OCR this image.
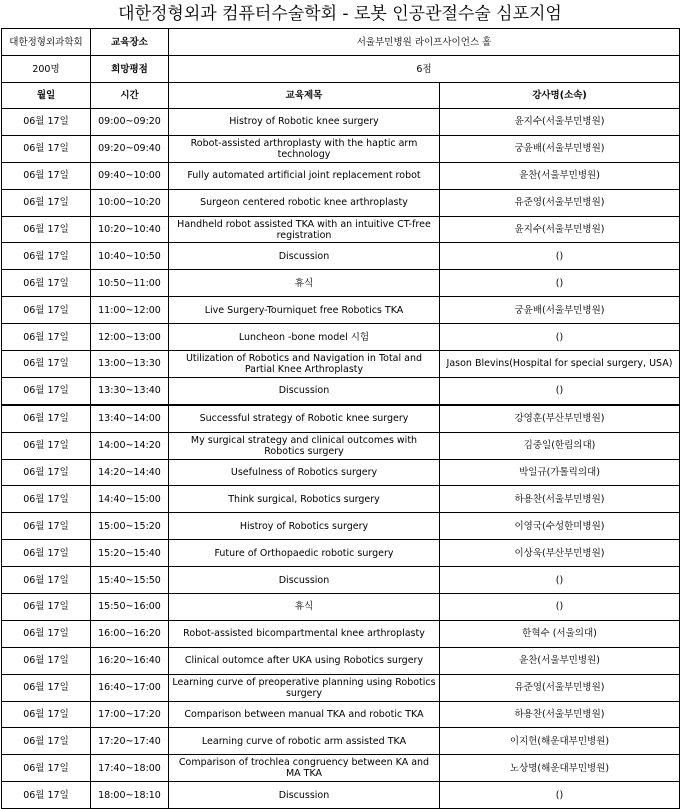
대한정형외과 컴퓨터수술학회 - 로봇 인공관절수술 심포지엄
대한정형외과학회	교육장소	서울부민병원 라이프사이언스 홀	
200명	희망평점	6점	
월일	시간	교육제목	강사명(소속)
06월 17일	09:00~09:20	Histroy of Robotic knee surgery	윤지수(서울부민병원)
06월 17일	09:20~09:40	Robot-assisted arthroplasty with the haptic arm technology	궁윤배(서울부민병원)
06월 17일	09:40~10:00	Fully automated artificial joint replacement robot	윤찬(서울부민병원)
06월 17일	10:00~10:20	Surgeon centered robotic knee arthroplasty	유준영(서울부민병원)
06월 17일	10:20~10:40	Handheld robot assisted TKA with an intuitive CT-free registration	윤지수(서울부민병원)
06월 17일	10:40~10:50	Discussion	()
06월 17일	10:50~11:00	휴식	()
06월 17일	11:00~12:00	Live Surgery-Tourniquet free Robotics TKA	궁윤배(서울부민병원)
06월 17일	12:00~13:00	Luncheon -bone model 시험	()
06월 17일	13:00~13:30	Utilization of Robotics and Navigation in Total and Partial Knee Arthroplasty	Jason Blevins(Hospital for special surgery, USA)
06월 17일	13:30~13:40	Discussion	()
06월 17일	13:40~14:00	Successful strategy of Robotic knee surgery	강영훈(부산부민병원)
06월 17일	14:00~14:20	My surgical strategy and clinical outcomes with Robotics surgery	김중일(한림의대)
06월 17일	14:20~14:40	Usefulness of Robotics surgery	박일규(가톨릭의대)
06월 17일	14:40~15:00	Think surgical, Robotics surgery	하용찬(서울부민병원)
06월 17일	15:00~15:20	Histroy of Robotics surgery	이영국(수성한미병원)
06월 17일	15:20~15:40	Future of Orthopaedic robotic surgery	이상욱(부산부민병원)
06월 17일	15:40~15:50	Discussion	()
06월 17일	15:50~16:00	휴식	()
06월 17일	16:00~16:20	Robot-assisted bicompartmental knee arthroplasty	한혁수 (서울의대)
06월 17일	16:20~16:40	Clinical outomce after UKA using Robotics surgery	윤찬(서울부민병원)
06월 17일	16:40~17:00	Learning curve of preoperative planning using Robotics surgery	유준영(서울부민병원)
06월 17일	17:00~17:20	Comparison between manual TKA and robotic TKA	하용찬(서울부민병원)
06월 17일	17:20~17:40	Learning curve of robotic arm assisted TKA	이지헌(해운대부민병원)
06월 17일	17:40~18:00	Comparison of trochlea congruency between KA and MA TKA	노상명(해운대부민병원)
06월 17일	18:00~18:10	Discussion	()
